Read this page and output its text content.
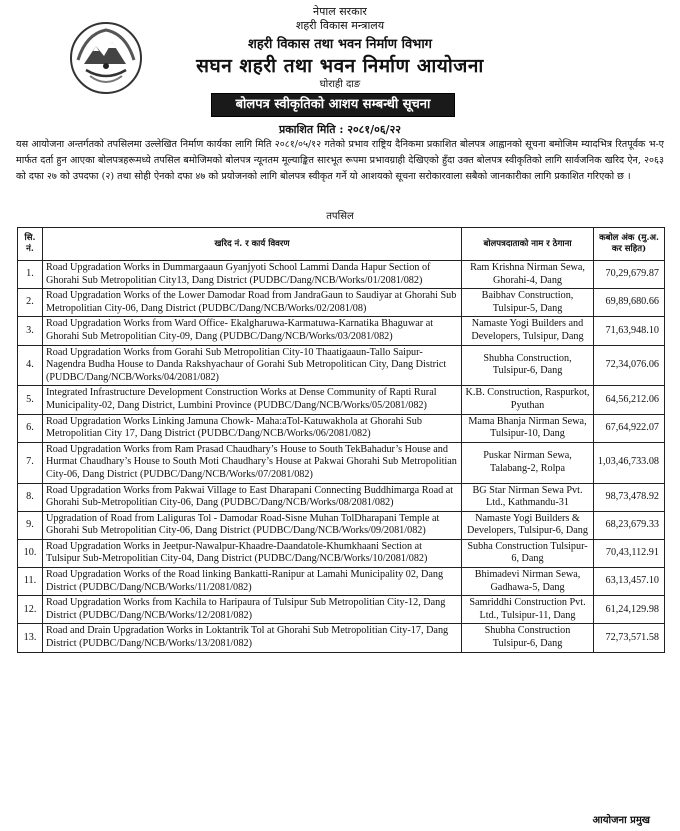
नेपाल सरकार
शहरी विकास मन्त्रालय
शहरी विकास तथा भवन निर्माण विभाग
सघन शहरी तथा भवन निर्माण आयोजना
घोराही दाङ
बोलपत्र स्वीकृतिको आशय सम्बन्धी सूचना
प्रकाशित मिति : २०८१/०६/२२
यस आयोजना अन्तर्गतको तपसिलमा उल्लेखित निर्माण कार्यका लागि मिति २०८१/०५/१२ गतेको प्रभाव राष्ट्रिय दैनिकमा प्रकाशित बोलपत्र आह्वानको सूचना बमोजिम म्यादभित्र रितपूर्वक भ-ए मार्फत दर्ता हुन आएका बोलपत्रहरूमध्ये तपसिल बमोजिमको बोलपत्र न्यूनतम मूल्याङ्कित सारभूत रूपमा प्रभावग्राही देखिएको हुँदा उक्त बोलपत्र स्वीकृतिको लागि सार्वजनिक खरिद ऐन, २०६३ को दफा २७ को उपदफा (२) तथा सोही ऐनको दफा ४७ को प्रयोजनको लागि बोलपत्र स्वीकृत गर्ने यो आशयको सूचना सरोकारवाला सबैको जानकारीका लागि प्रकाशित गरिएको छ ।
तपसिल
सि. नं.	खरिद नं. र कार्य विवरण	बोलपत्रदाताको नाम र ठेगाना	कबोल अंक (मु.अ. कर सहित)
1.	Road Upgradation Works in Dummargaaun Gyanjyoti School Lammi Danda Hapur Section of Ghorahi Sub Metropolitian City13, Dang District (PUDBC/Dang/NCB/Works/01/2081/082)	Ram Krishna Nirman Sewa, Ghorahi-4, Dang	70,29,679.87
2.	Road Upgradation Works of the Lower Damodar Road from JandraGaun to Saudiyar at Ghorahi Sub Metropolitian City-06, Dang District (PUDBC/Dang/NCB/Works/02/2081/08)	Baibhav Construction, Tulsipur-5, Dang	69,89,680.66
3.	Road Upgradation Works from Ward Office- Ekalgharuwa-Karmatuwa-Karnatika Bhaguwar at Ghorahi Sub Metropolitian City-09, Dang (PUDBC/Dang/NCB/Works/03/2081/082)	Namaste Yogi Builders and Developers, Tulsipur, Dang	71,63,948.10
4.	Road Upgradation Works from Gorahi Sub Metropolitian City-10 Thaatigaaun-Tallo Saipur-Nagendra Budha House to Danda Rakshyachaur of Gorahi Sub Metropolitican City, Dang District (PUDBC/Dang/NCB/Works/04/2081/082)	Shubha Construction, Tulsipur-6, Dang	72,34,076.06
5.	Integrated Infrastructure Development Construction Works at Dense Community of Rapti Rural Municipality-02, Dang District, Lumbini Province (PUDBC/Dang/NCB/Works/05/2081/082)	K.B. Construction, Raspurkot, Pyuthan	64,56,212.06
6.	Road Upgradation Works Linking Jamuna Chowk- Maha:aTol-Katuwakhola at Ghorahi Sub Metropolitian City 17, Dang District (PUDBC/Dang/NCB/Works/06/2081/082)	Mama Bhanja Nirman Sewa, Tulsipur-10, Dang	67,64,922.07
7.	Road Upgradation Works from Ram Prasad Chaudhary’s House to South TekBahadur’s House and Hurmat Chaudhary’s House to South Moti Chaudhary’s House at Pakwai Ghorahi Sub Metropolitian City-06, Dang District (PUDBC/Dang/NCB/Works/07/2081/082)	Puskar Nirman Sewa, Talabang-2, Rolpa	1,03,46,733.08
8.	Road Upgradation Works from Pakwai Village to East Dharapani Connecting Buddhimarga Road at Ghorahi Sub-Metropolitian City-06, Dang (PUDBC/Dang/NCB/Works/08/2081/082)	BG Star Nirman Sewa Pvt. Ltd., Kathmandu-31	98,73,478.92
9.	Upgradation of Road from Laliguras Tol - Damodar Road-Sisne Muhan TolDharapani Temple at Ghorahi Sub Metropolitian City-06, Dang District (PUDBC/Dang/NCB/Works/09/2081/082)	Namaste Yogi Builders & Developers, Tulsipur-6, Dang	68,23,679.33
10.	Road Upgradation Works in Jeetpur-Nawalpur-Khaadre-Daandatole-Khumkhaani Section at Tulsipur Sub-Metropolitian City-04, Dang District (PUDBC/Dang/NCB/Works/10/2081/082)	Subha Construction Tulsipur-6, Dang	70,43,112.91
11.	Road Upgradation Works of the Road linking Bankatti-Ranipur at Lamahi Municipality 02, Dang District (PUDBC/Dang/NCB/Works/11/2081/082)	Bhimadevi Nirman Sewa, Gadhawa-5, Dang	63,13,457.10
12.	Road Upgradation Works from Kachila to Haripaura of Tulsipur Sub Metropolitian City-12, Dang District (PUDBC/Dang/NCB/Works/12/2081/082)	Samriddhi Construction Pvt. Ltd., Tulsipur-11, Dang	61,24,129.98
13.	Road and Drain Upgradation Works in Loktantrik Tol at Ghorahi Sub Metropolitian City-17, Dang District (PUDBC/Dang/NCB/Works/13/2081/082)	Shubha Construction Tulsipur-6, Dang	72,73,571.58
आयोजना प्रमुख
